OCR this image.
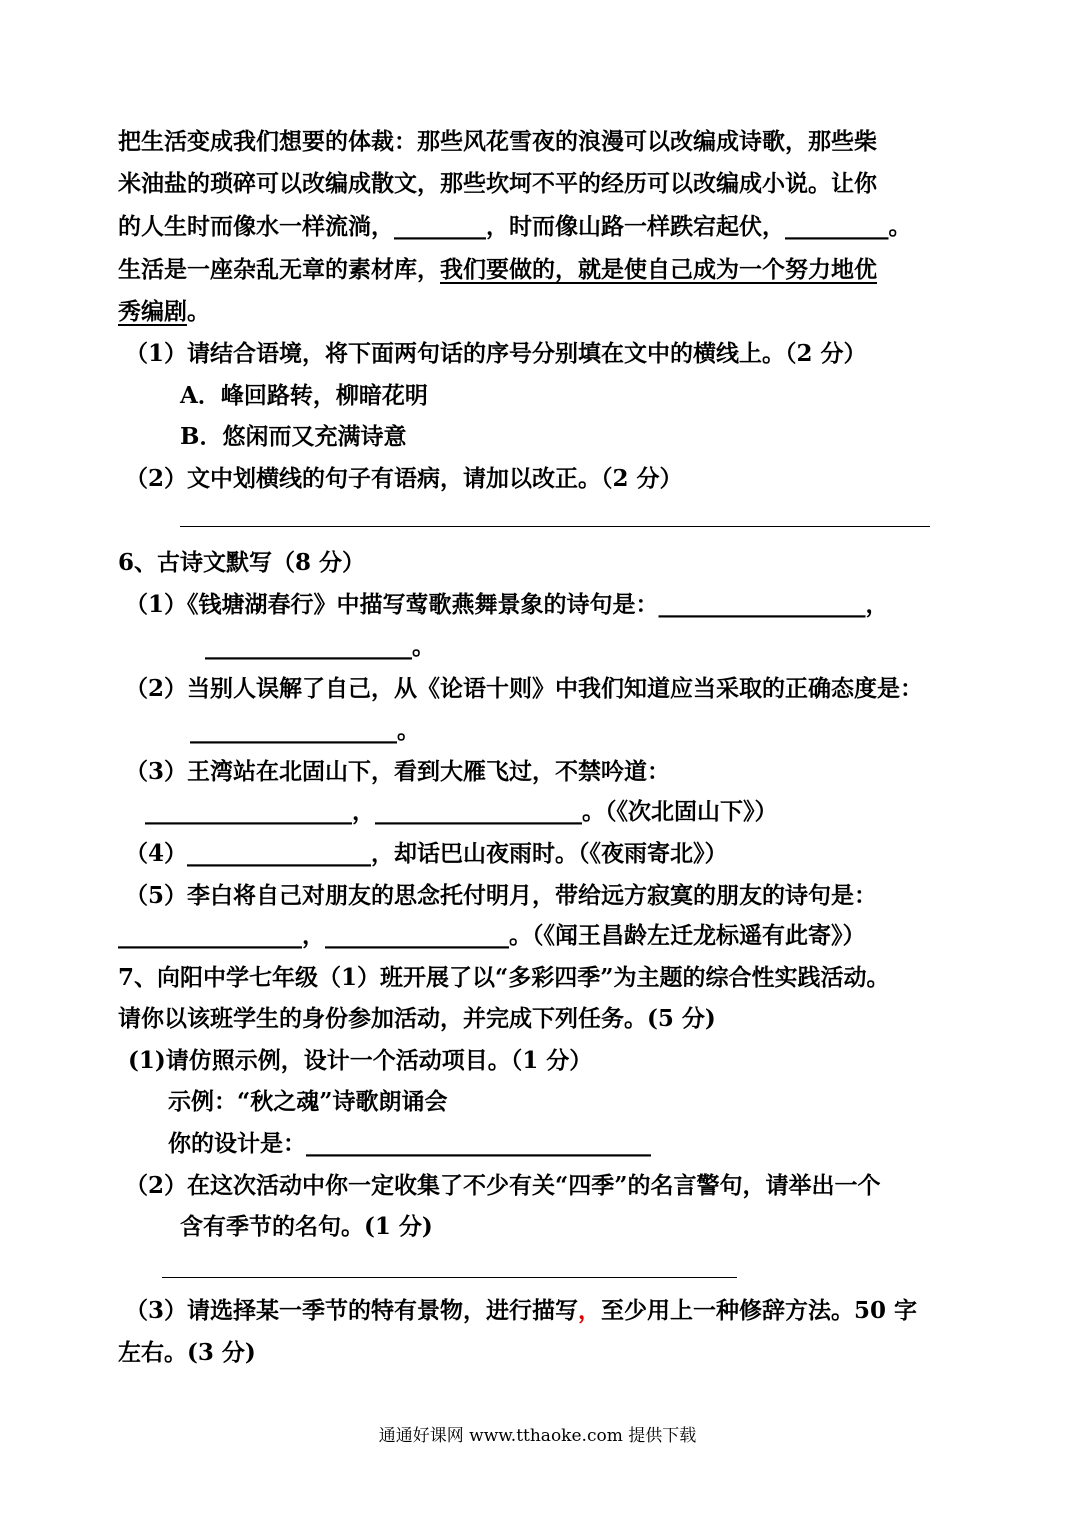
把生活变成我们想要的体裁：那些风花雪夜的浪漫可以改编成诗歌，那些柴
米油盐的琐碎可以改编成散文，那些坎坷不平的经历可以改编成小说。让你
的人生时而像水一样流淌，________，时而像山路一样跌宕起伏，_________。
生活是一座杂乱无章的素材库，我们要做的，就是使自己成为一个努力地优
秀编剧。
（1）请结合语境，将下面两句话的序号分别填在文中的横线上。（2 分）
A．峰回路转，柳暗花明
B．悠闲而又充满诗意
（2）文中划横线的句子有语病，请加以改正。（2 分）
6、古诗文默写（8 分）
（1）《钱塘湖春行》中描写莺歌燕舞景象的诗句是：__________________，
__________________。
（2）当别人误解了自己，从《论语十则》中我们知道应当采取的正确态度是：
__________________。
（3）王湾站在北固山下，看到大雁飞过，不禁吟道：
__________________，__________________。（《次北固山下》）
（4）________________，却话巴山夜雨时。（《夜雨寄北》）
（5）李白将自己对朋友的思念托付明月，带给远方寂寞的朋友的诗句是：
________________，________________。（《闻王昌龄左迁龙标遥有此寄》）
7、向阳中学七年级（1）班开展了以“多彩四季”为主题的综合性实践活动。
请你以该班学生的身份参加活动，并完成下列任务。(5 分)
(1)请仿照示例，设计一个活动项目。（1 分）
示例：“秋之魂”诗歌朗诵会
你的设计是：______________________________
（2）在这次活动中你一定收集了不少有关“四季”的名言警句，请举出一个
含有季节的名句。(1 分)
（3）请选择某一季节的特有景物，进行描写，至少用上一种修辞方法。50 字
左右。(3 分)
通通好课网 www.tthaoke.com 提供下载
